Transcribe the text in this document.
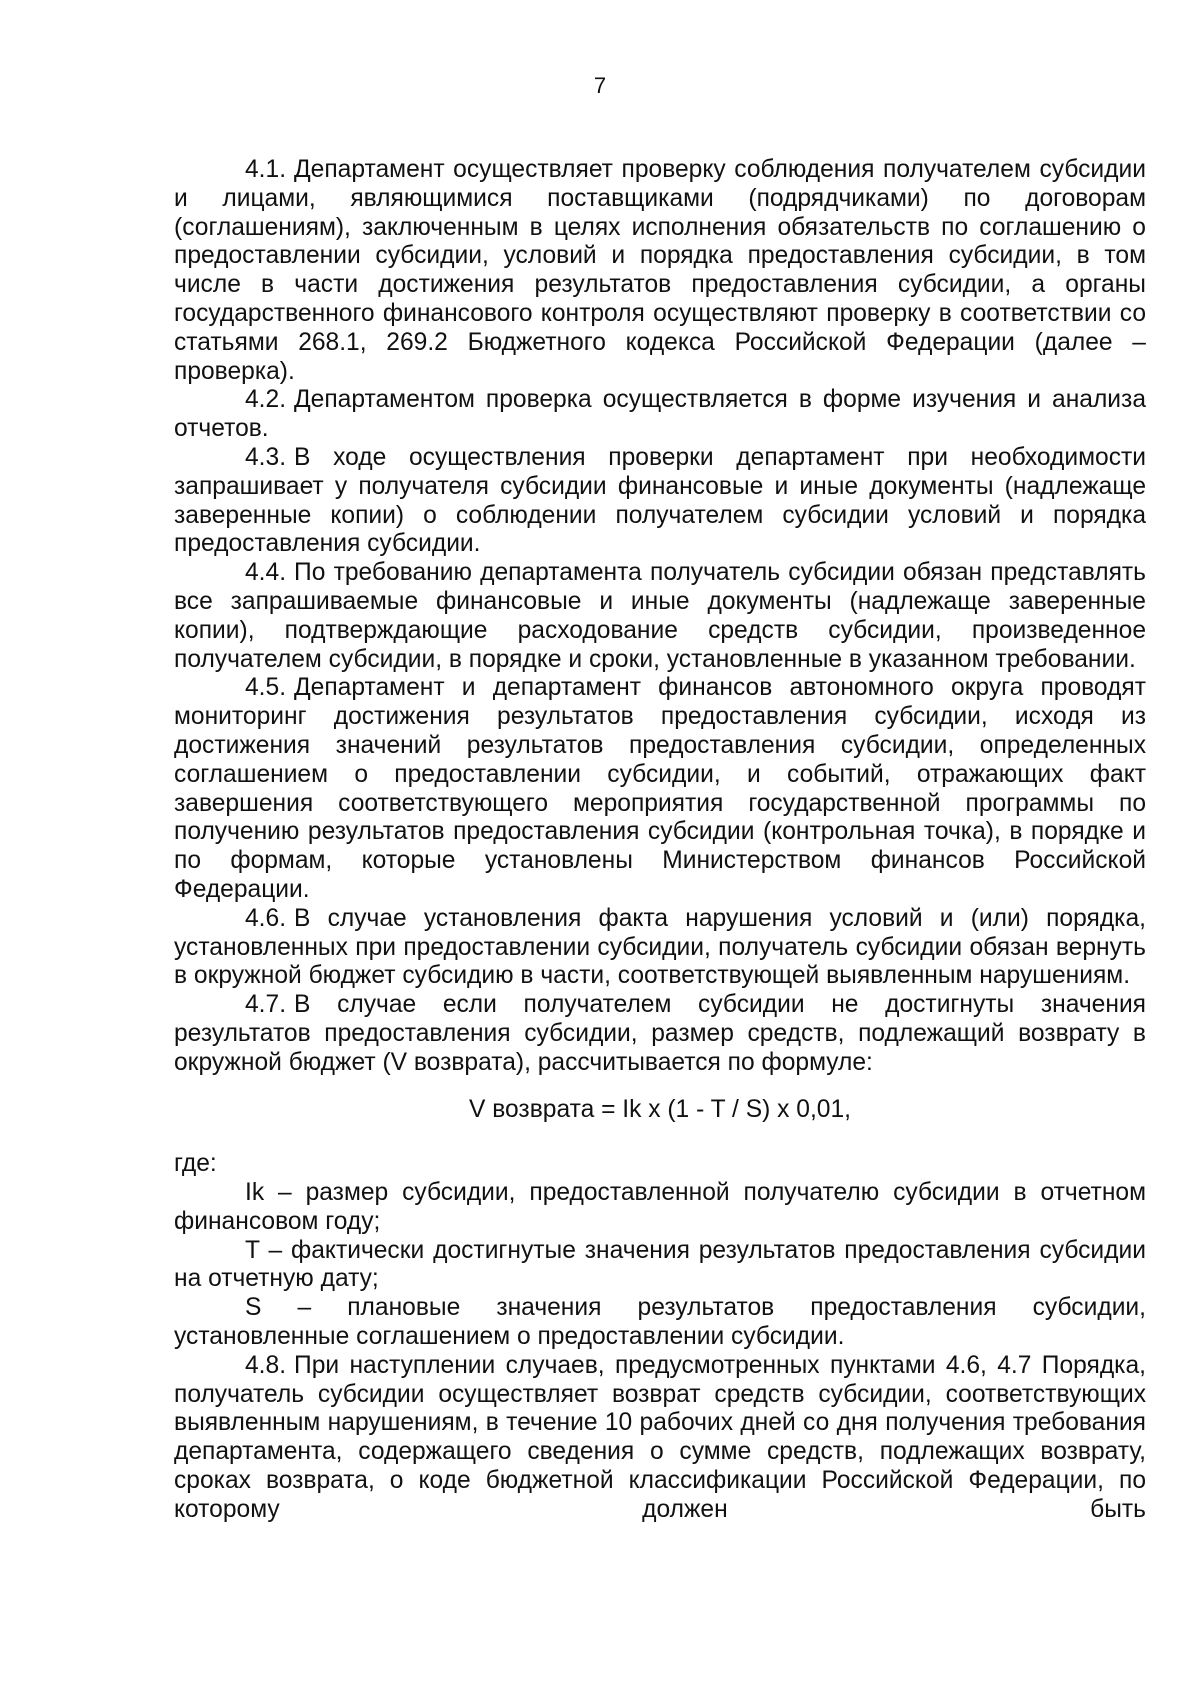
7

4.1. Департамент осуществляет проверку соблюдения получателем субсидии и лицами, являющимися поставщиками (подрядчиками) по договорам (соглашениям), заключенным в целях исполнения обязательств по соглашению о предоставлении субсидии, условий и порядка предоставления субсидии, в том числе в части достижения результатов предоставления субсидии, а органы государственного финансового контроля осуществляют проверку в соответствии со статьями 268.1, 269.2 Бюджетного кодекса Российской Федерации (далее – проверка).

4.2. Департаментом проверка осуществляется в форме изучения и анализа отчетов.

4.3. В ходе осуществления проверки департамент при необходимости запрашивает у получателя субсидии финансовые и иные документы (надлежаще заверенные копии) о соблюдении получателем субсидии условий и порядка предоставления субсидии.

4.4. По требованию департамента получатель субсидии обязан представлять все запрашиваемые финансовые и иные документы (надлежаще заверенные копии), подтверждающие расходование средств субсидии, произведенное получателем субсидии, в порядке и сроки, установленные в указанном требовании.

4.5. Департамент и департамент финансов автономного округа проводят мониторинг достижения результатов предоставления субсидии, исходя из достижения значений результатов предоставления субсидии, определенных соглашением о предоставлении субсидии, и событий, отражающих факт завершения соответствующего мероприятия государственной программы по получению результатов предоставления субсидии (контрольная точка), в порядке и по формам, которые установлены Министерством финансов Российской Федерации.

4.6. В случае установления факта нарушения условий и (или) порядка, установленных при предоставлении субсидии, получатель субсидии обязан вернуть в окружной бюджет субсидию в части, соответствующей выявленным нарушениям.

4.7. В случае если получателем субсидии не достигнуты значения результатов предоставления субсидии, размер средств, подлежащий возврату в окружной бюджет (V возврата), рассчитывается по формуле:

V возврата = Ik x (1 - T / S) x 0,01,

где:

Ik – размер субсидии, предоставленной получателю субсидии в отчетном финансовом году;

T – фактически достигнутые значения результатов предоставления субсидии на отчетную дату;

S – плановые значения результатов предоставления субсидии, установленные соглашением о предоставлении субсидии.

4.8. При наступлении случаев, предусмотренных пунктами 4.6, 4.7 Порядка, получатель субсидии осуществляет возврат средств субсидии, соответствующих выявленным нарушениям, в течение 10 рабочих дней со дня получения требования департамента, содержащего сведения о сумме средств, подлежащих возврату, сроках возврата, о коде бюджетной классификации Российской Федерации, по которому должен быть
